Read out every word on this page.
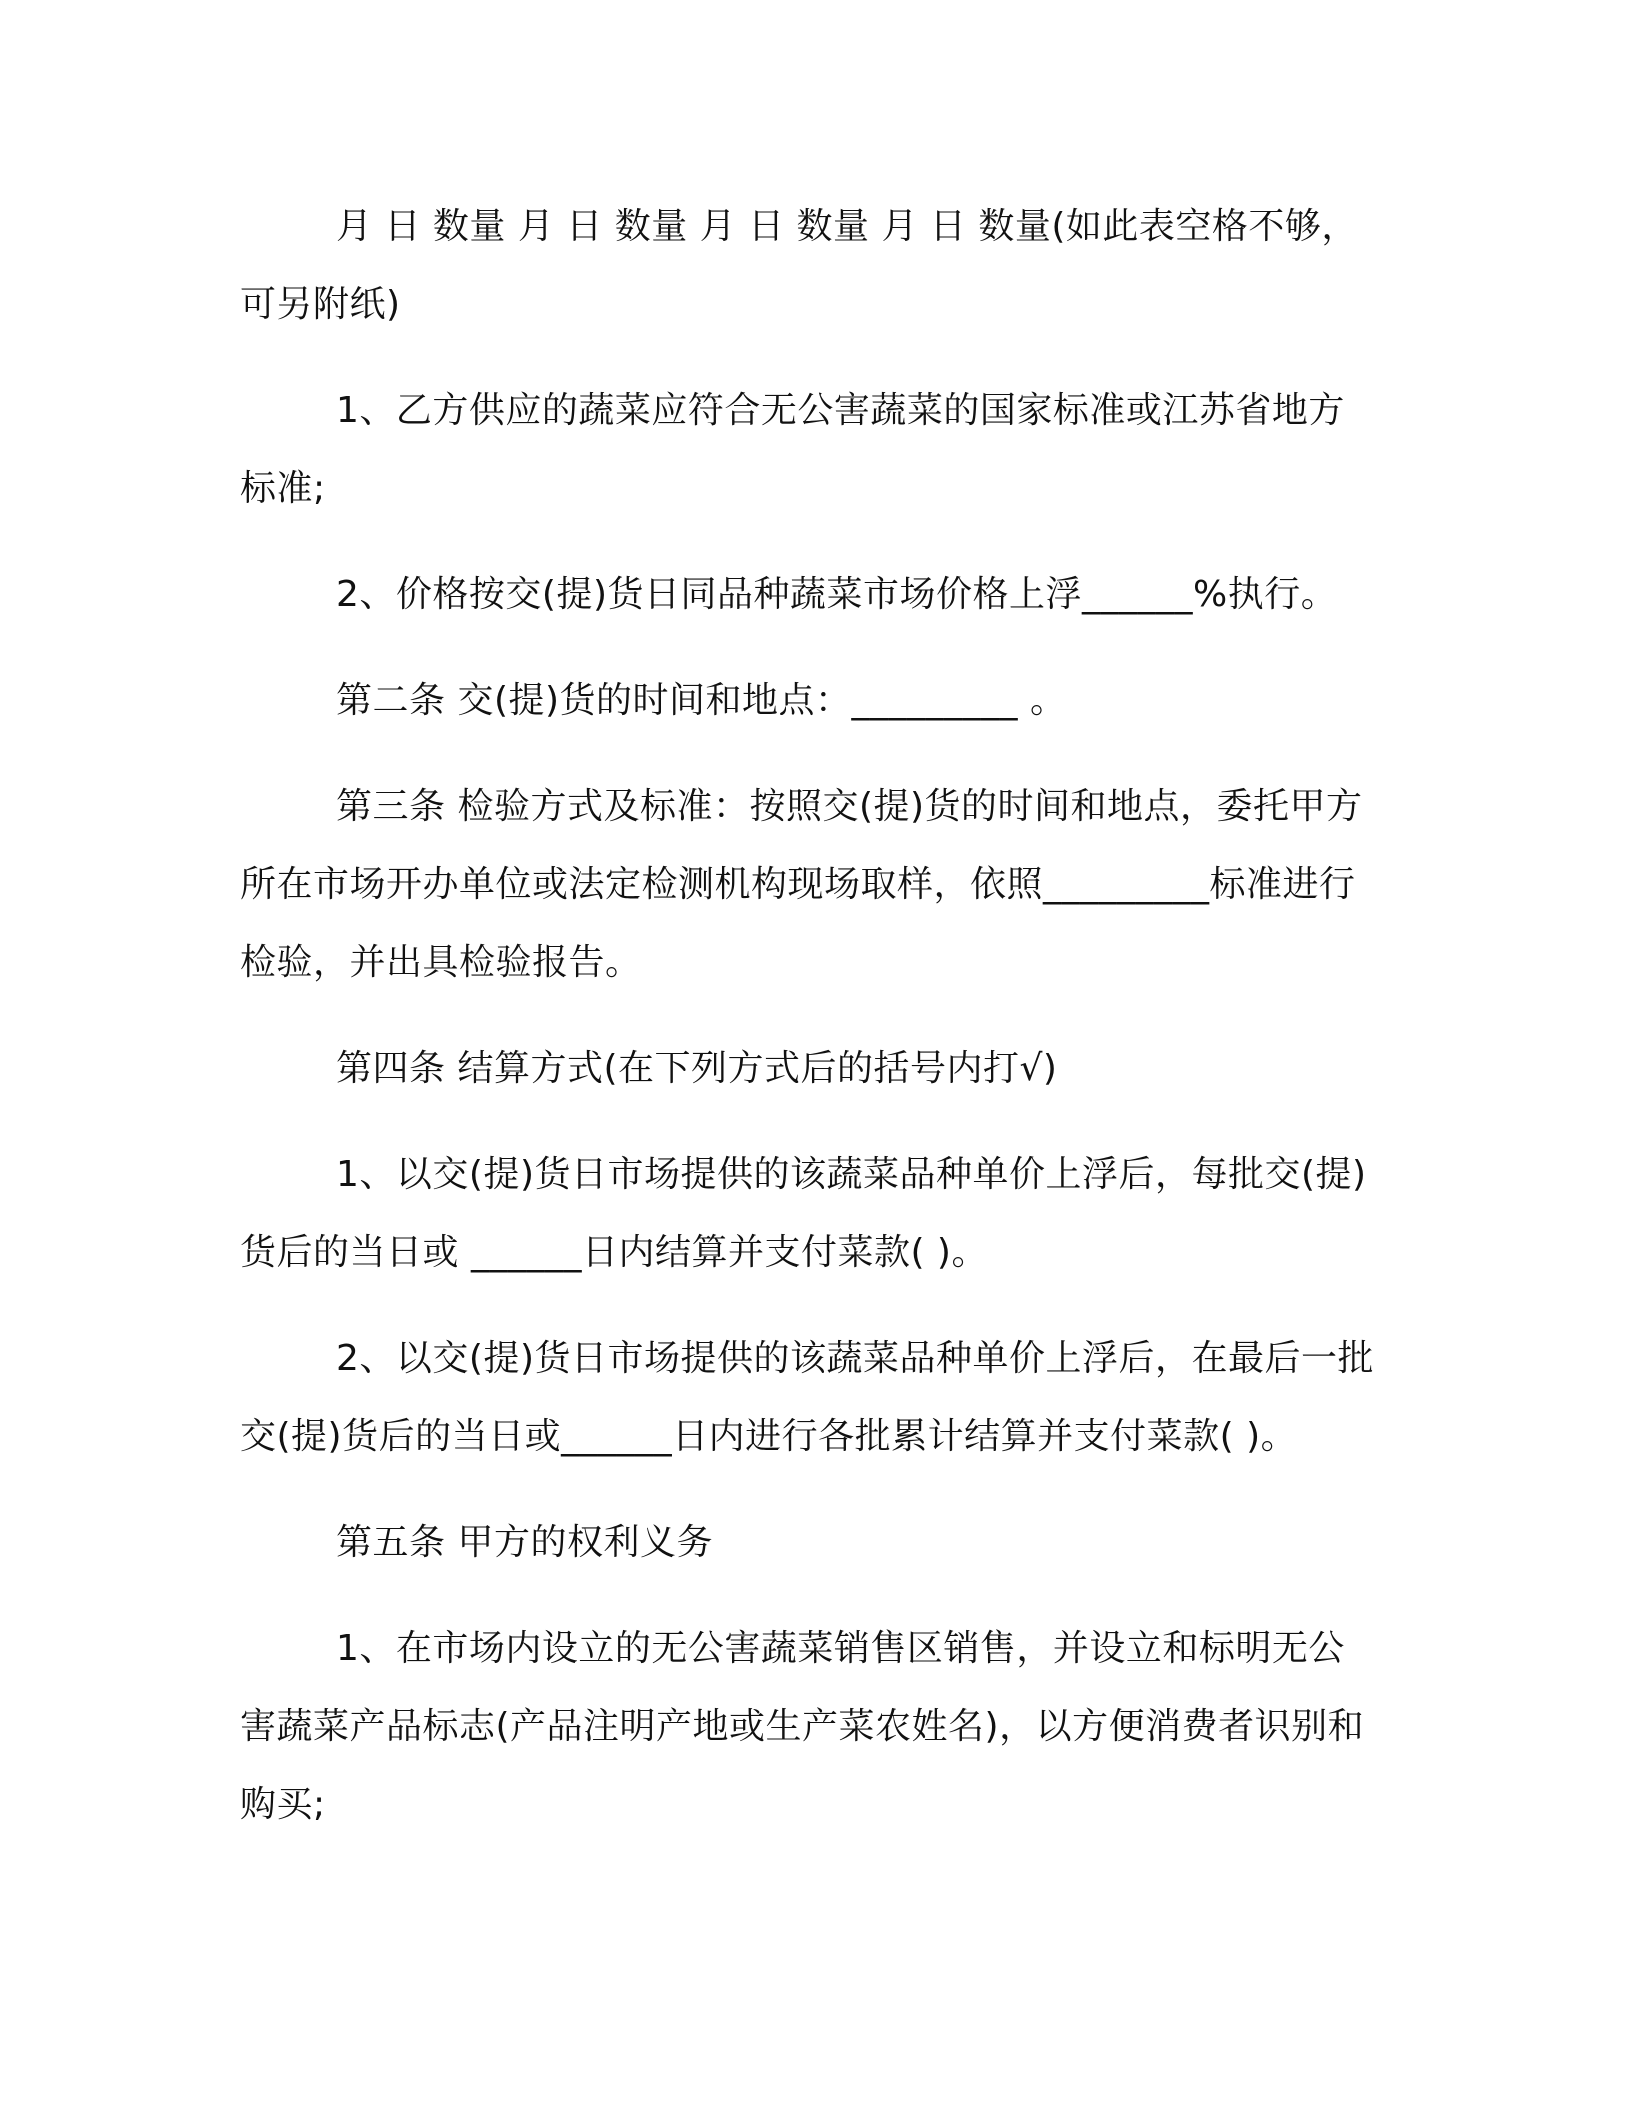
月 日 数量 月 日 数量 月 日 数量 月 日 数量(如此表空格不够，可另附纸)

1、乙方供应的蔬菜应符合无公害蔬菜的国家标准或江苏省地方标准;

2、价格按交(提)货日同品种蔬菜市场价格上浮______%执行。

第二条 交(提)货的时间和地点：_________ 。

第三条 检验方式及标准：按照交(提)货的时间和地点，委托甲方所在市场开办单位或法定检测机构现场取样，依照_________标准进行检验，并出具检验报告。

第四条 结算方式(在下列方式后的括号内打√)

1、以交(提)货日市场提供的该蔬菜品种单价上浮后，每批交(提)货后的当日或 ______日内结算并支付菜款( )。

2、以交(提)货日市场提供的该蔬菜品种单价上浮后，在最后一批交(提)货后的当日或______日内进行各批累计结算并支付菜款( )。

第五条 甲方的权利义务

1、在市场内设立的无公害蔬菜销售区销售，并设立和标明无公害蔬菜产品标志(产品注明产地或生产菜农姓名)，以方便消费者识别和购买;
